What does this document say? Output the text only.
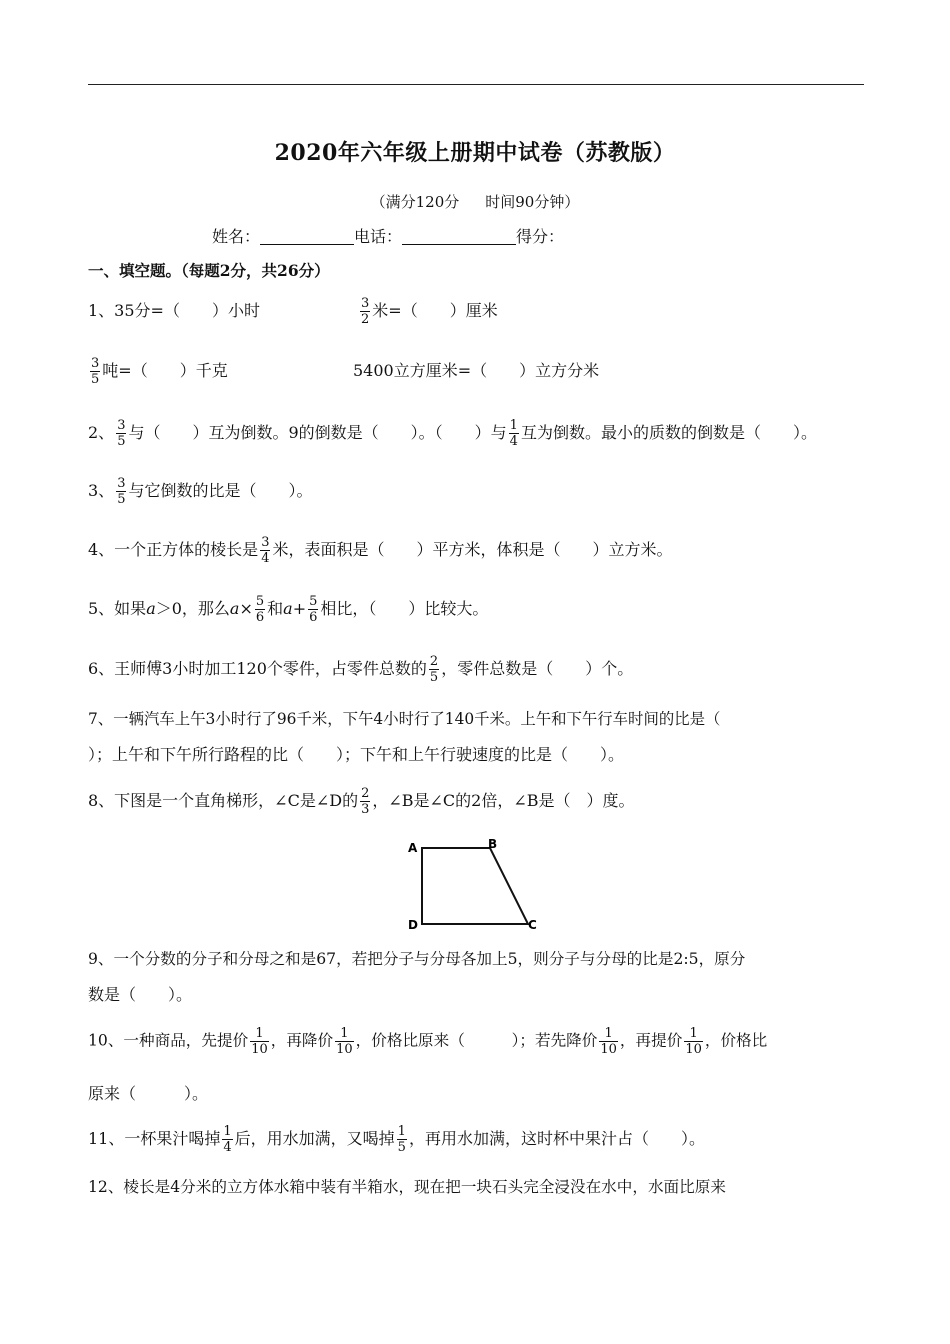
2020年六年级上册期中试卷（苏教版）
（满分120分 时间90分钟）
姓名：	电话：	得分：
一、填空题。（每题2分，共26分）
1、35分=（　　）小时	$\frac{3}{2}$ 米=（　　）厘米
$\frac{3}{5}$ 吨=（　　）千克	5400立方厘米=（　　）立方分米
2、 $\frac{3}{5}$ 与（　　）互为倒数。9的倒数是（　　）。（　　）与 $\frac{1}{4}$ 互为倒数。最小的质数的倒数是（　　）。
3、 $\frac{3}{5}$ 与它倒数的比是（　　）。
4、一个正方体的棱长是 $\frac{3}{4}$ 米，表面积是（　　）平方米，体积是（　　）立方米。
5、如果a＞0，那么$a\times \frac{5}{6}$ 和$a+ \frac{5}{6}$ 相比，（　　）比较大。
6、王师傅3小时加工120个零件，占零件总数的 $\frac{2}{5}$ ，零件总数是（　　）个。
7、一辆汽车上午3小时行了96千米，下午4小时行了140千米。上午和下午行车时间的比是（
）；上午和下午所行路程的比（　　）；下午和上午行驶速度的比是（　　）。
8、下图是一个直角梯形，∠C是∠D的 $\frac{2}{3}$ ，∠B是∠C的2倍，∠B是（　）度。
A	B
C
D
9、一个分数的分子和分母之和是67，若把分子与分母各加上5，则分子与分母的比是2:5，原分
数是（　　）。
10、一种商品，先提价 $\frac{1}{10}$ ，再降价 $\frac{1}{10}$ ，价格比原来（　　　）；若先降价 $\frac{1}{10}$ ，再提价 $\frac{1}{10}$ ，价格比
原来（　　　）。
11、一杯果汁喝掉 $\frac{1}{4}$ 后，用水加满，又喝掉 $\frac{1}{5}$ ，再用水加满，这时杯中果汁占（　　）。
12、棱长是4分米的立方体水箱中装有半箱水，现在把一块石头完全浸没在水中，水面比原来
